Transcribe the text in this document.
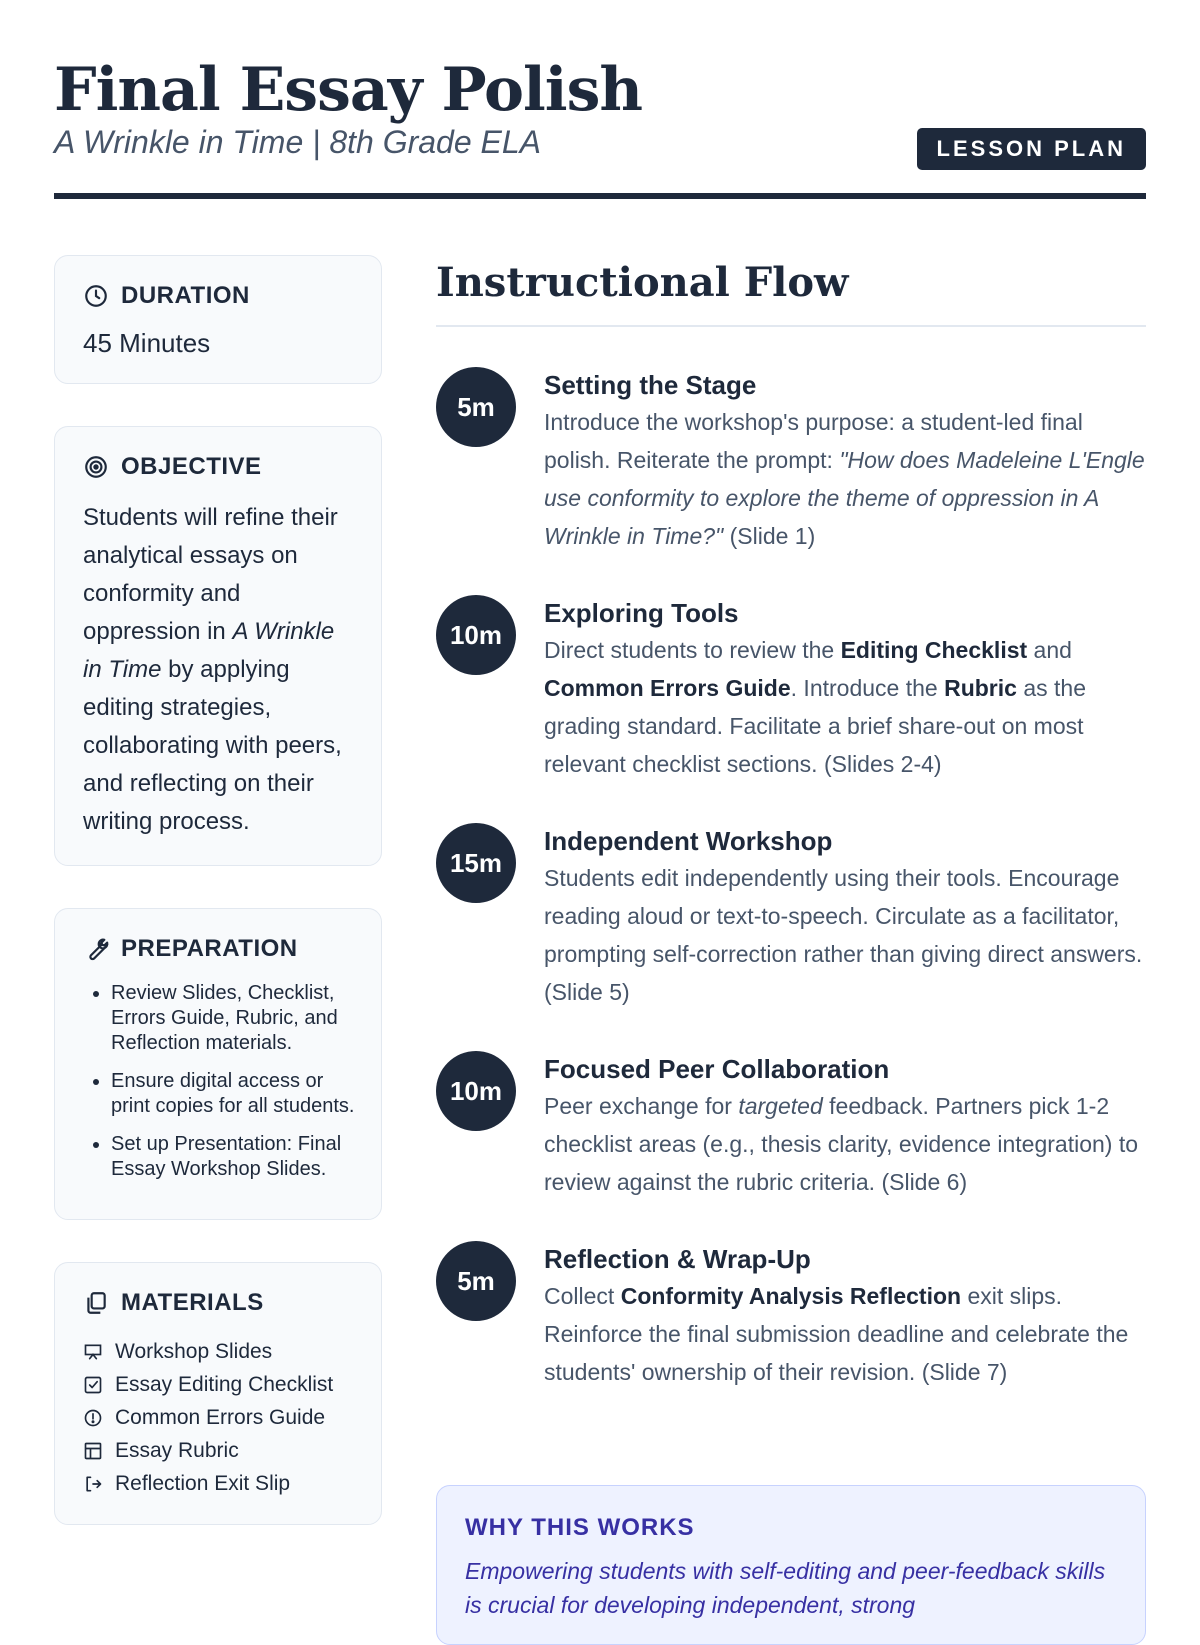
Final Essay Polish
A Wrinkle in Time | 8th Grade ELA	LESSON PLAN
DURATION
45 Minutes
OBJECTIVE
Students will refine their analytical essays on conformity and oppression in A Wrinkle in Time by applying editing strategies, collaborating with peers, and reflecting on their writing process.
PREPARATION
• Review Slides, Checklist, Errors Guide, Rubric, and Reflection materials.
• Ensure digital access or print copies for all students.
• Set up Presentation: Final Essay Workshop Slides.
MATERIALS
Workshop Slides
Essay Editing Checklist
Common Errors Guide
Essay Rubric
Reflection Exit Slip
Instructional Flow
5m
Setting the Stage
Introduce the workshop's purpose: a student-led final polish. Reiterate the prompt: "How does Madeleine L'Engle use conformity to explore the theme of oppression in A Wrinkle in Time?" (Slide 1)
10m
Exploring Tools
Direct students to review the Editing Checklist and Common Errors Guide. Introduce the Rubric as the grading standard. Facilitate a brief share-out on most relevant checklist sections. (Slides 2-4)
15m
Independent Workshop
Students edit independently using their tools. Encourage reading aloud or text-to-speech. Circulate as a facilitator, prompting self-correction rather than giving direct answers. (Slide 5)
10m
Focused Peer Collaboration
Peer exchange for targeted feedback. Partners pick 1-2 checklist areas (e.g., thesis clarity, evidence integration) to review against the rubric criteria. (Slide 6)
5m
Reflection & Wrap-Up
Collect Conformity Analysis Reflection exit slips. Reinforce the final submission deadline and celebrate the students' ownership of their revision. (Slide 7)
WHY THIS WORKS
Empowering students with self-editing and peer-feedback skills is crucial for developing independent, strong
